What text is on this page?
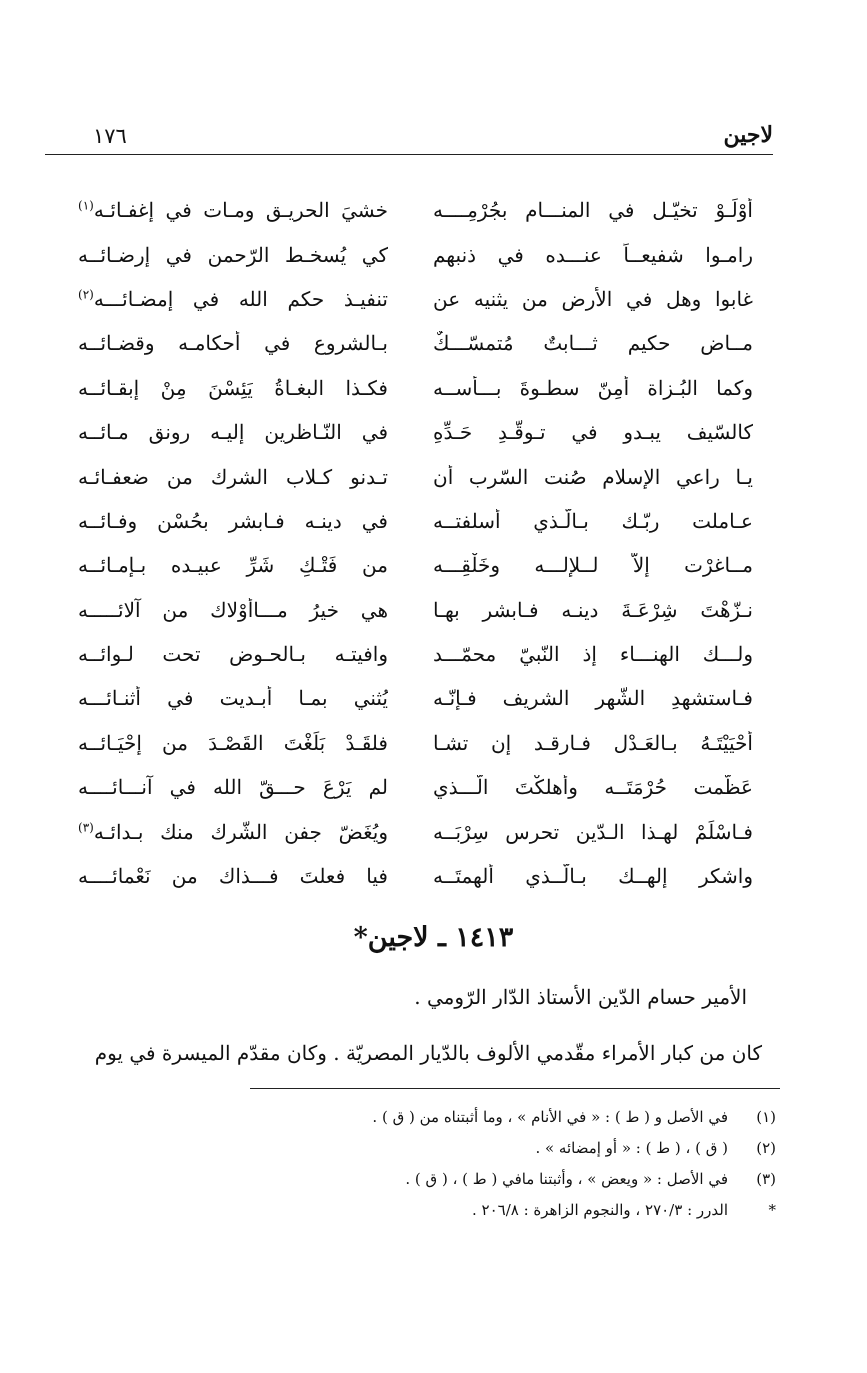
لاجين
١٧٦
أوْلَـوْ تخيّـل في المنـــام بجُرْمِــــه
خشيَ الحريـق ومـات في إغفـائـه$^{(١)}$
رامـوا شفيعــاً عنـــده في ذنبهم
كي يُسخـط الرّحمن في إرضـائــه
غابوا وهل في الأرض من يثنيه عن
تنفيـذ حكم الله في إمضـائـــه$^{(٢)}$
مــاضٍ حكيم ثـــابتٌ مُتمسّـــكٌ
بـالشروع في أحكامـه وقضـائــه
وكما البُـزاة أمِنّ سطـوةَ بـــأســه
فكـذا البغـاةُ يَئِسْنَ مِنْ إبقـائــه
كالسّيف يبـدو في تـوقُّـدِ حَـدِّهِ
في النّـاظرين إليـه رونق مـائــه
يـا راعي الإسلام صُنت السّرب أن
تـدنو كـلاب الشرك من ضعفـائـه
عـاملت ربّـك بـالّـذي أسلفتــه
في دينـه فـابشر بحُسْنِ وفـائــه
مــاغرْت إلاّ لــلإلـــه وخَلْقِـــه
من فَتْـكِ شَرِّ عبيـده بـإمـائــه
نـزّهْتَ شِرْعَـةَ دينـه فـابشر بهـا
هي خيرُ مـــاأُوْلاك من آلائـــــه
ولـــك الهنـــاء إذ النّبيّ محمّـــد
وافيتـه بـالحـوض تحت لـوائــه
فـاستشهدِ الشّهر الشريف فـإنّـه
يُثني بمـا أبـديت في أثنـائـــه
أحْيَيْتَـهُ بـالعَـدْل فـارقـد إن تشـا
فلقَـدْ بَلَغْتَ القَصْـدَ من إحْيَـائــه
عَظّمت حُرْمَتَــه وأهلكْتَ الّـــذي
لم يَرْعَ حـــقّ الله في آنـــائــــه
فـاسْلَمْ لهـذا الـدّين تحرس سِرْبَــه
ويُغَضّ جفن الشّرك منك بـدائـه$^{(٣)}$
واشكر إلهــك بـالّــذي ألهمتَــه
فيا فعلتَ فـــذاك من نَعْمائــــه
١٤١٣ ـ لاجين*

الأمير حسام الدّين الأستاذ الدّار الرّومي .

كان من كبار الأمراء مقّدمي الألوف بالدّيار المصريّة . وكان مقدّم الميسرة في يوم

(١)
في الأصل و ( ط ) : « في الأنام » ، وما أثبتناه من ( ق ) .
(٢)
( ق ) ، ( ط ) : « أو إمضائه » .
(٣)
في الأصل : « ويعض » ، وأثبتنا مافي ( ط ) ، ( ق ) .
*
الدرر : ٢٧٠/٣ ، والنجوم الزاهرة : ٢٠٦/٨ .
